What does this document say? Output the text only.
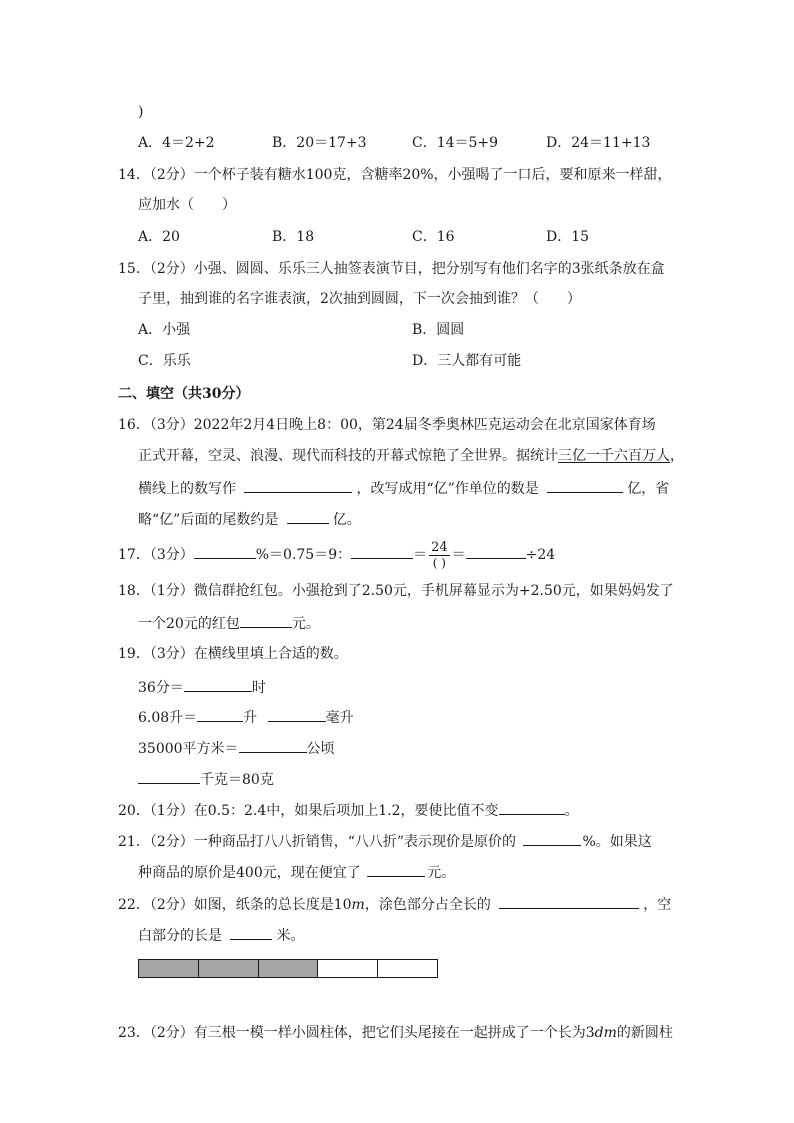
)
A．4＝2+2	B．20＝17+3	C．14＝5+9	D．24＝11+13
14．（2分）一个杯子装有糖水100克，含糖率20%，小强喝了一口后，要和原来一样甜，
应加水（　　）
A．20	B．18	C．16	D．15
15．（2分）小强、圆圆、乐乐三人抽签表演节目，把分别写有他们名字的3张纸条放在盒
子里，抽到谁的名字谁表演，2次抽到圆圆，下一次会抽到谁？（　　）
A．小强	B．圆圆
C．乐乐	D．三人都有可能
二、填空（共30分）
16．（3分）2022年2月4日晚上8：00，第24届冬季奥林匹克运动会在北京国家体育场
正式开幕，空灵、浪漫、现代而科技的开幕式惊艳了全世界。据统计三亿一千六百万人，
横线上的数写作	，改写成用“亿”作单位的数是	亿，省
略“亿”后面的尾数约是	亿。
17．（3分）	%＝0.75＝9：	＝ $\frac{24}{( )}$ ＝	÷24
18．（1分）微信群抢红包。小强抢到了2.50元，手机屏幕显示为+2.50元，如果妈妈发了
一个20元的红包	元。
19．（3分）在横线里填上合适的数。
36分＝	时
6.08升＝	升	毫升
35000平方米＝	公顷
千克＝80克
20．（1分）在0.5：2.4中，如果后项加上1.2，要使比值不变	。
21．（2分）一种商品打八八折销售，“八八折”表示现价是原价的	%。如果这
种商品的原价是400元，现在便宜了	元。
22．（2分）如图，纸条的总长度是10m，涂色部分占全长的	，空
白部分的长是	米。
23．（2分）有三根一模一样小圆柱体，把它们头尾接在一起拼成了一个长为3dm的新圆柱
